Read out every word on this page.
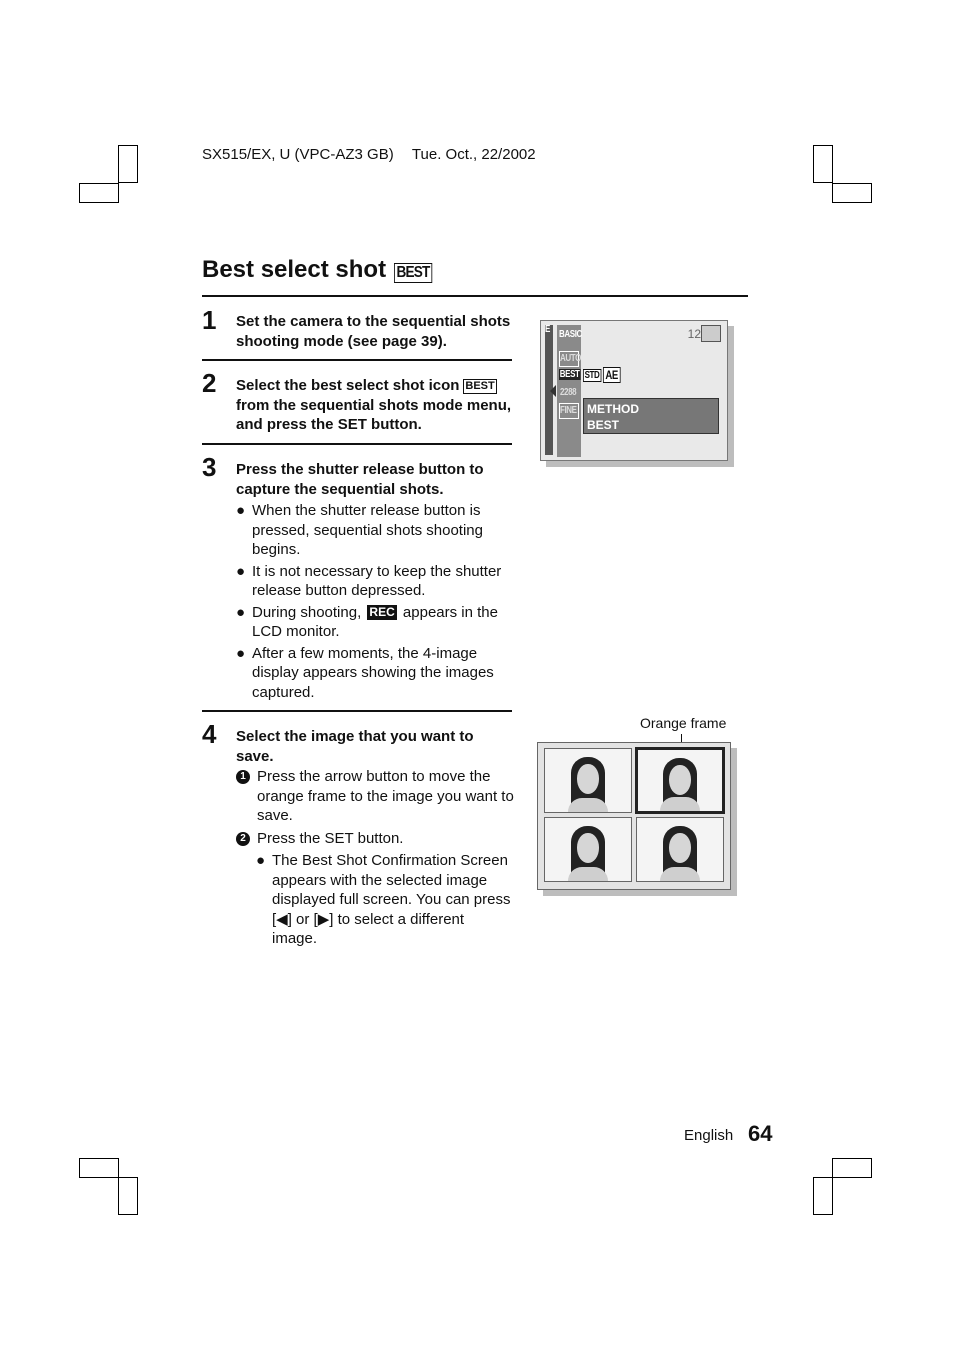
SX515/EX, U (VPC-AZ3 GB) Tue. Oct., 22/2002
Best select shot BEST
1 Set the camera to the sequential shots shooting mode (see page 39).
2 Select the best select shot icon BEST from the sequential shots mode menu, and press the SET button.
3 Press the shutter release button to capture the sequential shots.
● When the shutter release button is pressed, sequential shots shooting begins.
● It is not necessary to keep the shutter release button depressed.
● During shooting, REC appears in the LCD monitor.
● After a few moments, the 4-image display appears showing the images captured.
4 Select the image that you want to save.
1 Press the arrow button to move the orange frame to the image you want to save.
2 Press the SET button.
● The Best Shot Confirmation Screen appears with the selected image displayed full screen. You can press [◀] or [▶] to select a different image.
E BASIC
AUTO
BEST
2288
FINE
STD AE
12
METHOD
BEST
Orange frame
English 64
